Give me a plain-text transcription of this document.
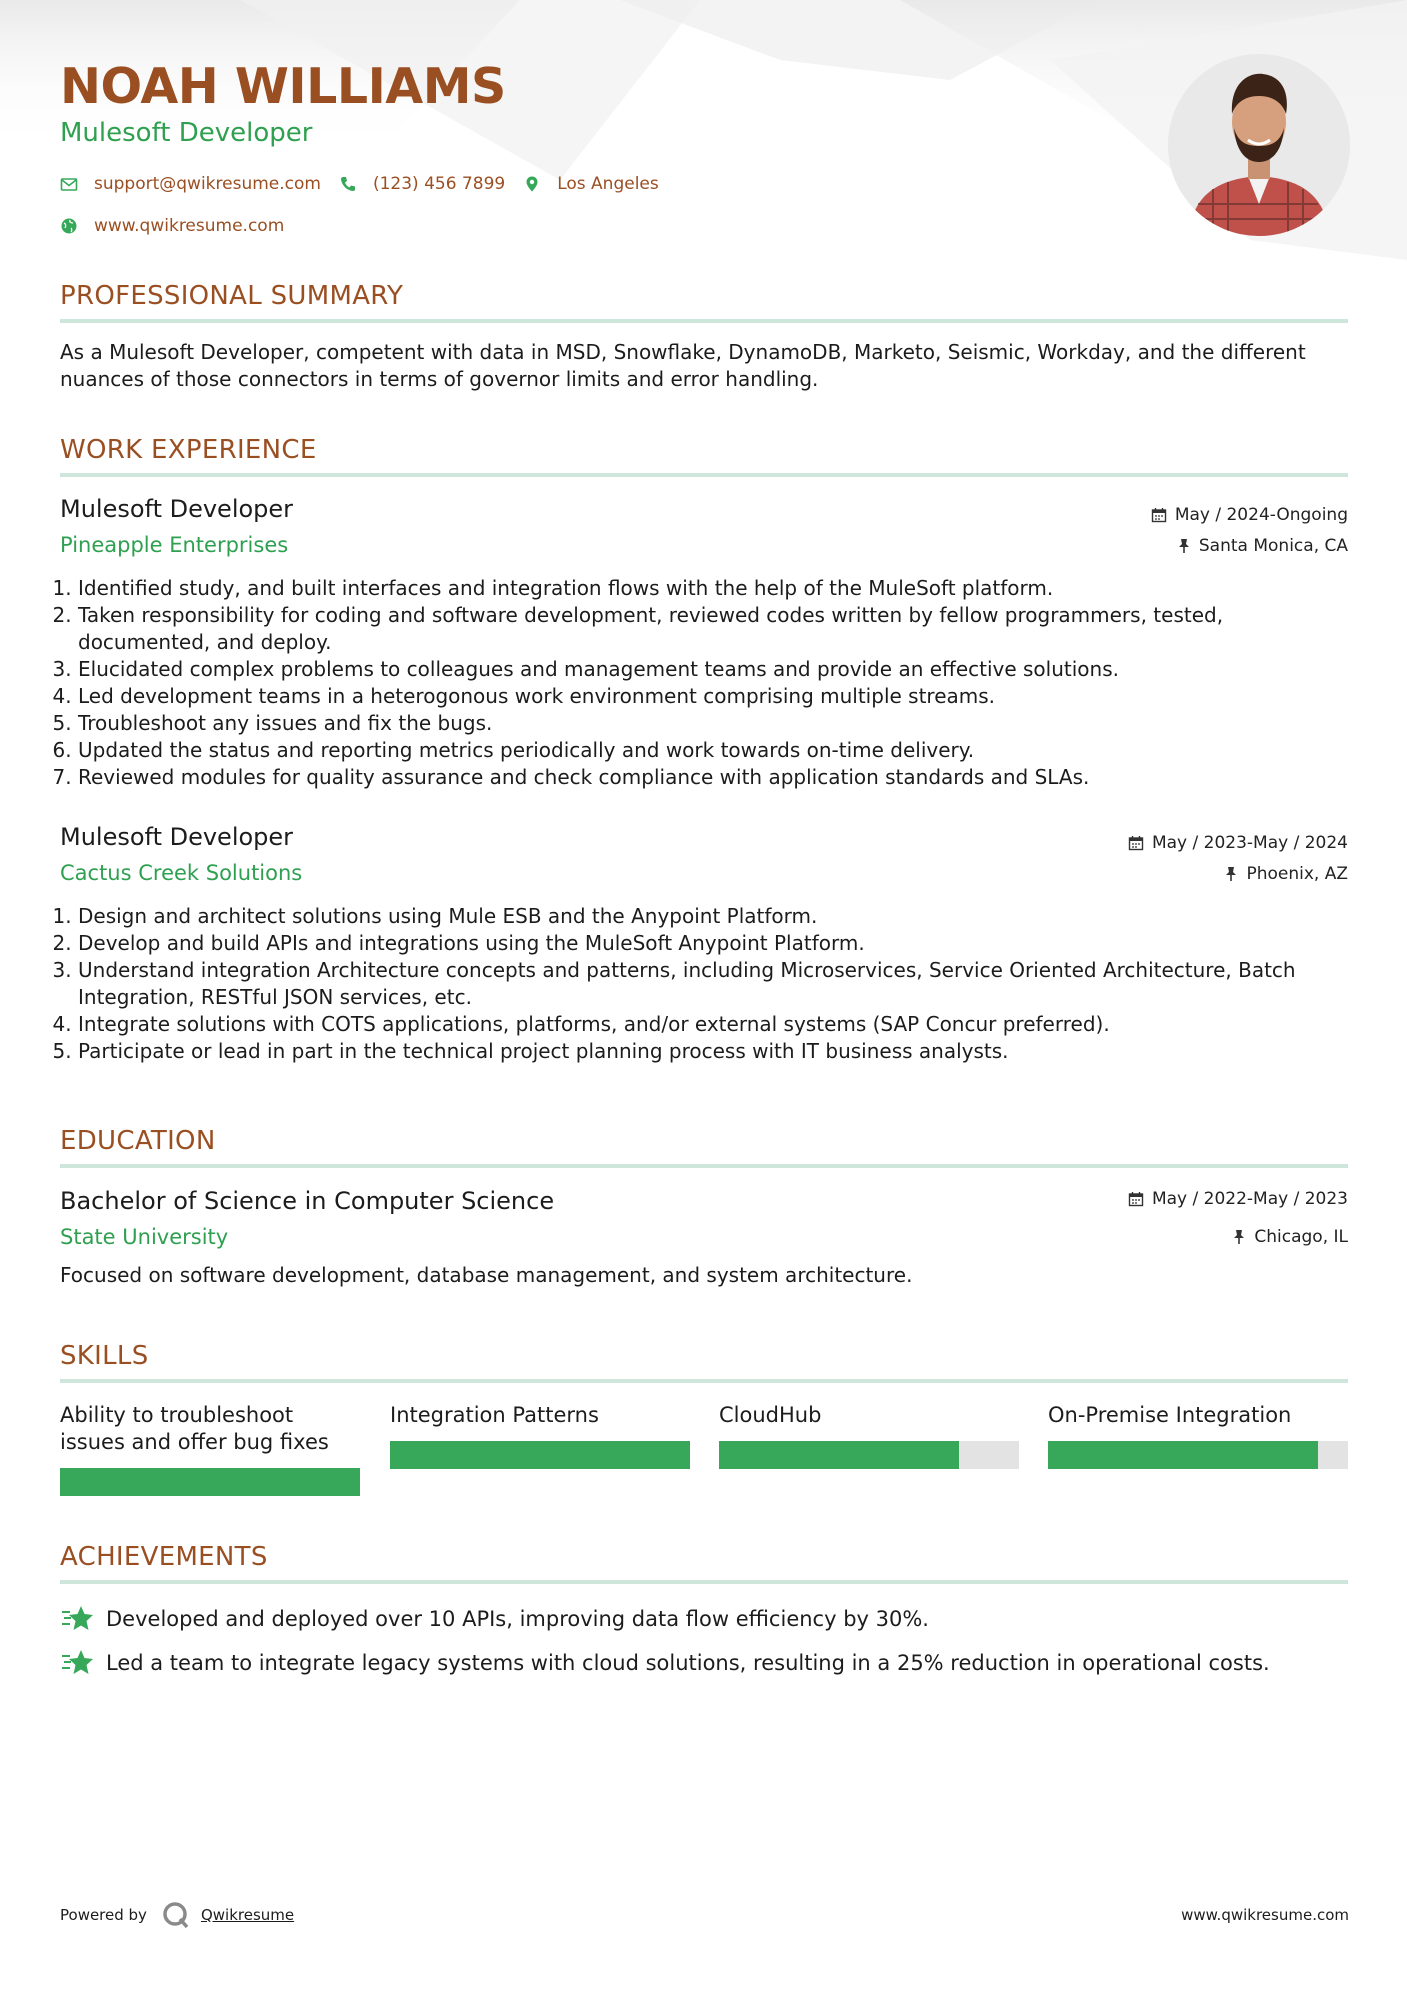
NOAH WILLIAMS
Mulesoft Developer
support@qwikresume.com	(123) 456 7899	Los Angeles
www.qwikresume.com
PROFESSIONAL SUMMARY
As a Mulesoft Developer, competent with data in MSD, Snowflake, DynamoDB, Marketo, Seismic, Workday, and the different nuances of those connectors in terms of governor limits and error handling.
WORK EXPERIENCE
Mulesoft Developer	May / 2024-Ongoing
Pineapple Enterprises	Santa Monica, CA
1. Identified study, and built interfaces and integration flows with the help of the MuleSoft platform.
2. Taken responsibility for coding and software development, reviewed codes written by fellow programmers, tested, documented, and deploy.
3. Elucidated complex problems to colleagues and management teams and provide an effective solutions.
4. Led development teams in a heterogonous work environment comprising multiple streams.
5. Troubleshoot any issues and fix the bugs.
6. Updated the status and reporting metrics periodically and work towards on-time delivery.
7. Reviewed modules for quality assurance and check compliance with application standards and SLAs.
Mulesoft Developer	May / 2023-May / 2024
Cactus Creek Solutions	Phoenix, AZ
1. Design and architect solutions using Mule ESB and the Anypoint Platform.
2. Develop and build APIs and integrations using the MuleSoft Anypoint Platform.
3. Understand integration Architecture concepts and patterns, including Microservices, Service Oriented Architecture, Batch Integration, RESTful JSON services, etc.
4. Integrate solutions with COTS applications, platforms, and/or external systems (SAP Concur preferred).
5. Participate or lead in part in the technical project planning process with IT business analysts.
EDUCATION
Bachelor of Science in Computer Science	May / 2022-May / 2023
State University	Chicago, IL
Focused on software development, database management, and system architecture.
SKILLS
Ability to troubleshoot issues and offer bug fixes
Integration Patterns	CloudHub	On-Premise Integration
ACHIEVEMENTS
Developed and deployed over 10 APIs, improving data flow efficiency by 30%.
Led a team to integrate legacy systems with cloud solutions, resulting in a 25% reduction in operational costs.
Powered by	Qwikresume	www.qwikresume.com
